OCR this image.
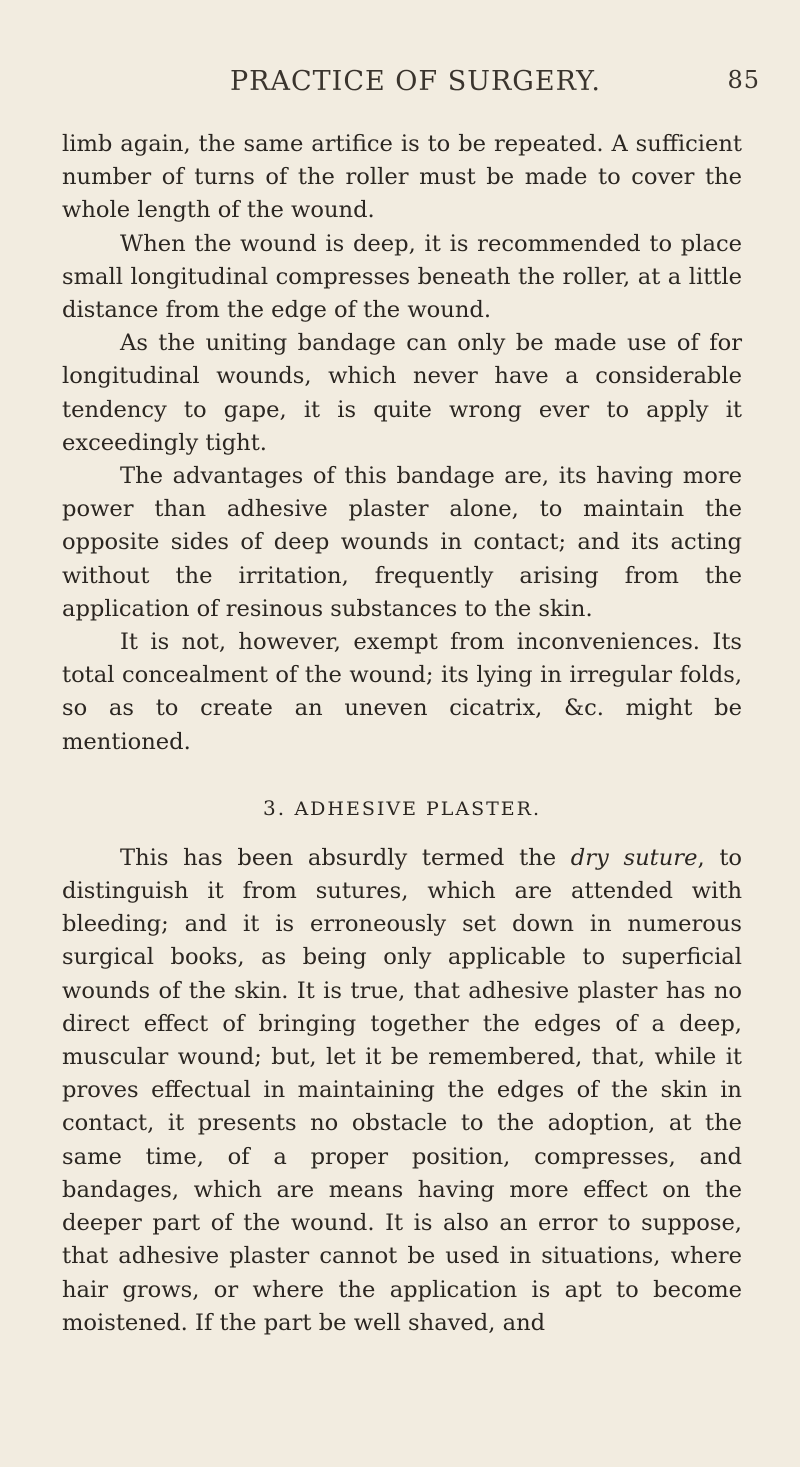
PRACTICE OF SURGERY.	85

limb again, the same artifice is to be repeated. A sufficient number of turns of the roller must be made to cover the whole length of the wound.

When the wound is deep, it is recommended to place small longitudinal compresses beneath the roller, at a little distance from the edge of the wound.

As the uniting bandage can only be made use of for longitudinal wounds, which never have a considerable tendency to gape, it is quite wrong ever to apply it exceedingly tight.

The advantages of this bandage are, its having more power than adhesive plaster alone, to maintain the opposite sides of deep wounds in contact; and its acting without the irritation, frequently arising from the application of resinous substances to the skin.

It is not, however, exempt from inconveniences. Its total concealment of the wound; its lying in irregular folds, so as to create an uneven cicatrix, &c. might be mentioned.

3. ADHESIVE PLASTER.

This has been absurdly termed the dry suture, to distinguish it from sutures, which are attended with bleeding; and it is erroneously set down in numerous surgical books, as being only applicable to superficial wounds of the skin. It is true, that adhesive plaster has no direct effect of bringing together the edges of a deep, muscular wound; but, let it be remembered, that, while it proves effectual in maintaining the edges of the skin in contact, it presents no obstacle to the adoption, at the same time, of a proper position, compresses, and bandages, which are means having more effect on the deeper part of the wound. It is also an error to suppose, that adhesive plaster cannot be used in situations, where hair grows, or where the application is apt to become moistened. If the part be well shaved, and
